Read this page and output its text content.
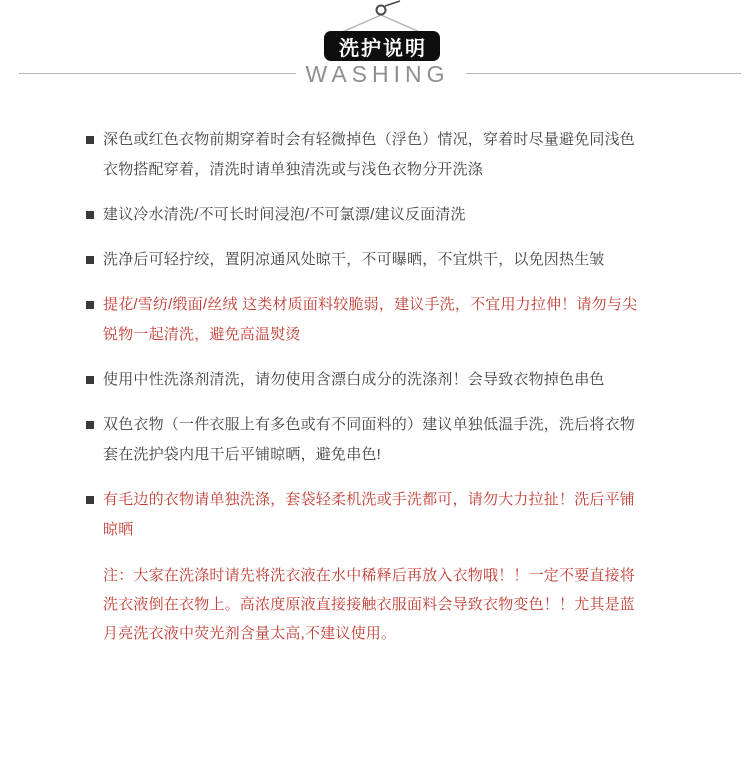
洗护说明
WASHING
深色或红色衣物前期穿着时会有轻微掉色（浮色）情况，穿着时尽量避免同浅色衣物搭配穿着，清洗时请单独清洗或与浅色衣物分开洗涤
建议冷水清洗/不可长时间浸泡/不可氯漂/建议反面清洗
洗净后可轻拧绞，置阴凉通风处晾干，不可曝晒，不宜烘干，以免因热生皱
提花/雪纺/缎面/丝绒 这类材质面料较脆弱，建议手洗，不宜用力拉伸！请勿与尖锐物一起清洗，避免高温熨烫
使用中性洗涤剂清洗，请勿使用含漂白成分的洗涤剂！会导致衣物掉色串色
双色衣物（一件衣服上有多色或有不同面料的）建议单独低温手洗，洗后将衣物套在洗护袋内甩干后平铺晾晒，避免串色!
有毛边的衣物请单独洗涤，套袋轻柔机洗或手洗都可，请勿大力拉扯！洗后平铺晾晒

注：大家在洗涤时请先将洗衣液在水中稀释后再放入衣物哦！！一定不要直接将洗衣液倒在衣物上。高浓度原液直接接触衣服面料会导致衣物变色！！尤其是蓝月亮洗衣液中荧光剂含量太高,不建议使用。
